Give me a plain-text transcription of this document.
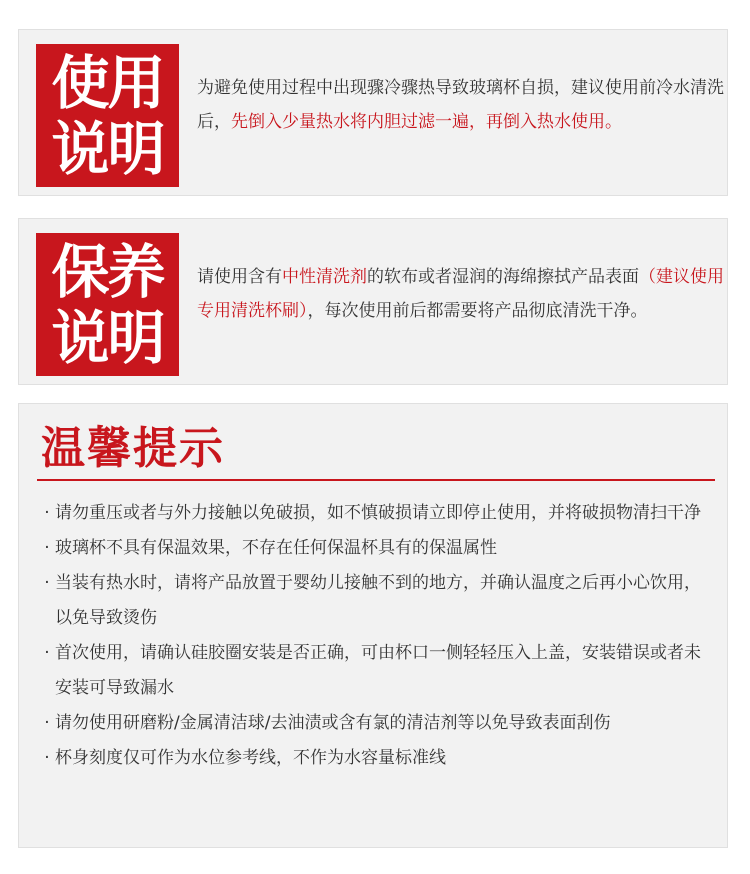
使用
说明

为避免使用过程中出现骤冷骤热导致玻璃杯自损，建议使用前冷水清洗后，先倒入少量热水将内胆过滤一遍，再倒入热水使用。

保养
说明

请使用含有中性清洗剂的软布或者湿润的海绵擦拭产品表面（建议使用专用清洗杯刷），每次使用前后都需要将产品彻底清洗干净。

温馨提示
· 请勿重压或者与外力接触以免破损，如不慎破损请立即停止使用，并将破损物清扫干净
· 玻璃杯不具有保温效果，不存在任何保温杯具有的保温属性
· 当装有热水时，请将产品放置于婴幼儿接触不到的地方，并确认温度之后再小心饮用，以免导致烫伤
· 首次使用，请确认硅胶圈安装是否正确，可由杯口一侧轻轻压入上盖，安装错误或者未安装可导致漏水
· 请勿使用研磨粉/金属清洁球/去油渍或含有氯的清洁剂等以免导致表面刮伤
· 杯身刻度仅可作为水位参考线，不作为水容量标准线
